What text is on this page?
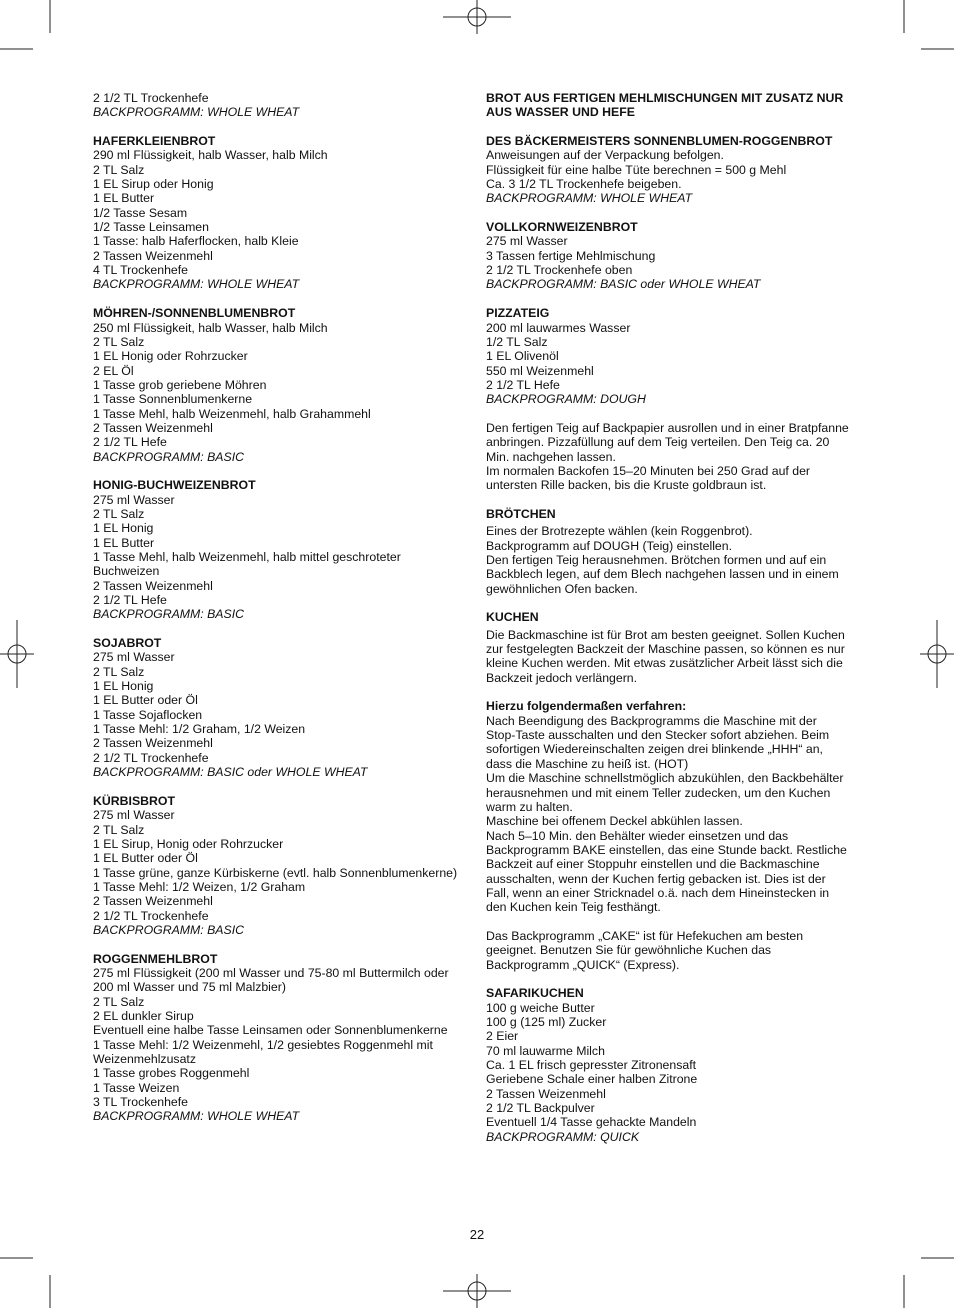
2 1/2 TL Trockenhefe
BACKPROGRAMM: WHOLE WHEAT
HAFERKLEIENBROT
290 ml Flüssigkeit, halb Wasser, halb Milch
2 TL Salz
1 EL Sirup oder Honig
1 EL Butter
1/2 Tasse Sesam
1/2 Tasse Leinsamen
1 Tasse: halb Haferflocken, halb Kleie
2 Tassen Weizenmehl
4 TL Trockenhefe
BACKPROGRAMM: WHOLE WHEAT
MÖHREN-/SONNENBLUMENBROT
250 ml Flüssigkeit, halb Wasser, halb Milch
2 TL Salz
1 EL Honig oder Rohrzucker
2 EL Öl
1 Tasse grob geriebene Möhren
1 Tasse Sonnenblumenkerne
1 Tasse Mehl, halb Weizenmehl, halb Grahammehl
2 Tassen Weizenmehl
2 1/2 TL Hefe
BACKPROGRAMM: BASIC
HONIG-BUCHWEIZENBROT
275 ml Wasser
2 TL Salz
1 EL Honig
1 EL Butter
1 Tasse Mehl, halb Weizenmehl, halb mittel geschroteter
Buchweizen
2 Tassen Weizenmehl
2 1/2 TL Hefe
BACKPROGRAMM: BASIC
SOJABROT
275 ml Wasser
2 TL Salz
1 EL Honig
1 EL Butter oder Öl
1 Tasse Sojaflocken
1 Tasse Mehl: 1/2 Graham, 1/2 Weizen
2 Tassen Weizenmehl
2 1/2 TL Trockenhefe
BACKPROGRAMM: BASIC oder WHOLE WHEAT
KÜRBISBROT
275 ml Wasser
2 TL Salz
1 EL Sirup, Honig oder Rohrzucker
1 EL Butter oder Öl
1 Tasse grüne, ganze Kürbiskerne (evtl. halb Sonnenblumenkerne)
1 Tasse Mehl: 1/2 Weizen, 1/2 Graham
2 Tassen Weizenmehl
2 1/2 TL Trockenhefe
BACKPROGRAMM: BASIC
ROGGENMEHLBROT
275 ml Flüssigkeit (200 ml Wasser und 75-80 ml Buttermilch oder
200 ml Wasser und 75 ml Malzbier)
2 TL Salz
2 EL dunkler Sirup
Eventuell eine halbe Tasse Leinsamen oder Sonnenblumenkerne
1 Tasse Mehl: 1/2 Weizenmehl, 1/2 gesiebtes Roggenmehl mit
Weizenmehlzusatz
1 Tasse grobes Roggenmehl
1 Tasse Weizen
3 TL Trockenhefe
BACKPROGRAMM: WHOLE WHEAT
BROT AUS FERTIGEN MEHLMISCHUNGEN MIT ZUSATZ NUR
AUS WASSER UND HEFE
DES BÄCKERMEISTERS SONNENBLUMEN-ROGGENBROT
Anweisungen auf der Verpackung befolgen.
Flüssigkeit für eine halbe Tüte berechnen = 500 g Mehl
Ca. 3 1/2 TL Trockenhefe beigeben.
BACKPROGRAMM: WHOLE WHEAT
VOLLKORNWEIZENBROT
275 ml Wasser
3 Tassen fertige Mehlmischung
2 1/2 TL Trockenhefe oben
BACKPROGRAMM: BASIC oder WHOLE WHEAT
PIZZATEIG
200 ml lauwarmes Wasser
1/2 TL Salz
1 EL Olivenöl
550 ml Weizenmehl
2 1/2 TL Hefe
BACKPROGRAMM: DOUGH
Den fertigen Teig auf Backpapier ausrollen und in einer Bratpfanne
anbringen. Pizzafüllung auf dem Teig verteilen. Den Teig ca. 20
Min. nachgehen lassen.
Im normalen Backofen 15–20 Minuten bei 250 Grad auf der
untersten Rille backen, bis die Kruste goldbraun ist.
BRÖTCHEN
Eines der Brotrezepte wählen (kein Roggenbrot).
Backprogramm auf DOUGH (Teig) einstellen.
Den fertigen Teig herausnehmen. Brötchen formen und auf ein
Backblech legen, auf dem Blech nachgehen lassen und in einem
gewöhnlichen Ofen backen.
KUCHEN
Die Backmaschine ist für Brot am besten geeignet. Sollen Kuchen
zur festgelegten Backzeit der Maschine passen, so können es nur
kleine Kuchen werden. Mit etwas zusätzlicher Arbeit lässt sich die
Backzeit jedoch verlängern.
Hierzu folgendermaßen verfahren:
Nach Beendigung des Backprogramms die Maschine mit der
Stop-Taste ausschalten und den Stecker sofort abziehen. Beim
sofortigen Wiedereinschalten zeigen drei blinkende „HHH“ an,
dass die Maschine zu heiß ist. (HOT)
Um die Maschine schnellstmöglich abzukühlen, den Backbehälter
herausnehmen und mit einem Teller zudecken, um den Kuchen
warm zu halten.
Maschine bei offenem Deckel abkühlen lassen.
Nach 5–10 Min. den Behälter wieder einsetzen und das
Backprogramm BAKE einstellen, das eine Stunde backt. Restliche
Backzeit auf einer Stoppuhr einstellen und die Backmaschine
ausschalten, wenn der Kuchen fertig gebacken ist. Dies ist der
Fall, wenn an einer Stricknadel o.ä. nach dem Hineinstecken in
den Kuchen kein Teig festhängt.
Das Backprogramm „CAKE“ ist für Hefekuchen am besten
geeignet. Benutzen Sie für gewöhnliche Kuchen das
Backprogramm „QUICK“ (Express).
SAFARIKUCHEN
100 g weiche Butter
100 g (125 ml) Zucker
2 Eier
70 ml lauwarme Milch
Ca. 1 EL frisch gepresster Zitronensaft
Geriebene Schale einer halben Zitrone
2 Tassen Weizenmehl
2 1/2 TL Backpulver
Eventuell 1/4 Tasse gehackte Mandeln
BACKPROGRAMM: QUICK
22
